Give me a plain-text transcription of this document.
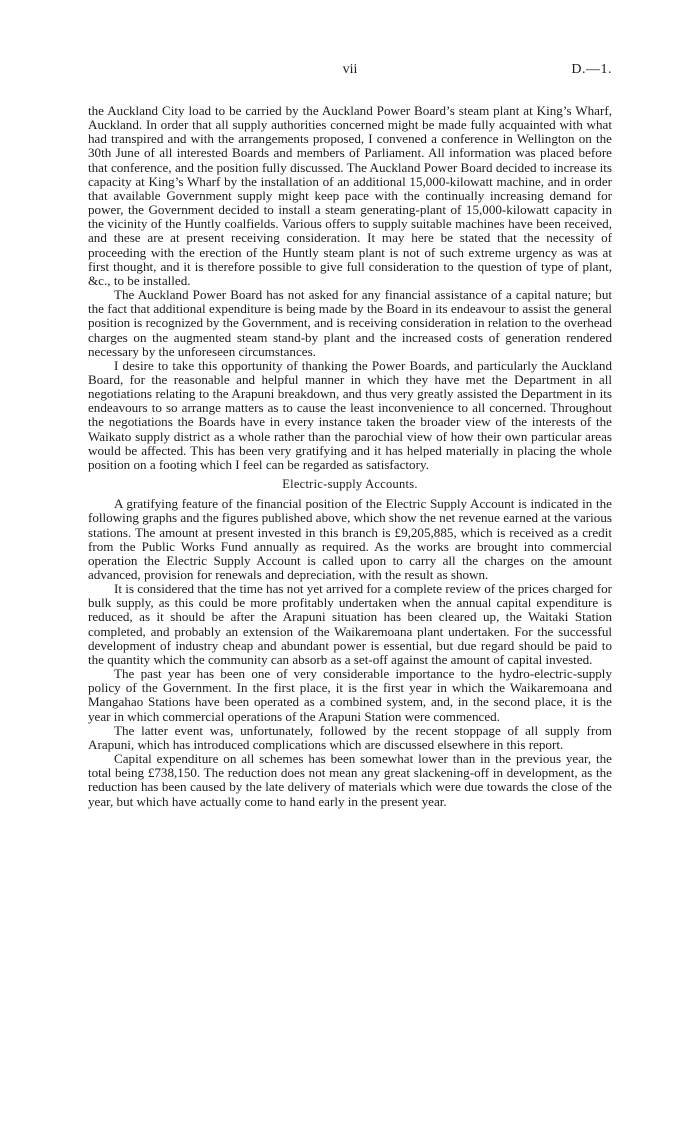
vii	D.—1.

the Auckland City load to be carried by the Auckland Power Board’s steam plant at King’s Wharf, Auckland. In order that all supply authorities concerned might be made fully acquainted with what had transpired and with the arrangements proposed, I convened a conference in Wellington on the 30th June of all interested Boards and members of Parliament. All information was placed before that conference, and the position fully discussed. The Auckland Power Board decided to increase its capacity at King’s Wharf by the installation of an additional 15,000-kilowatt machine, and in order that available Government supply might keep pace with the continually increasing demand for power, the Government decided to install a steam generating-plant of 15,000-kilowatt capacity in the vicinity of the Huntly coalfields. Various offers to supply suitable machines have been received, and these are at present receiving consideration. It may here be stated that the necessity of proceeding with the erection of the Huntly steam plant is not of such extreme urgency as was at first thought, and it is therefore possible to give full consideration to the question of type of plant, &c., to be installed.

The Auckland Power Board has not asked for any financial assistance of a capital nature; but the fact that additional expenditure is being made by the Board in its endeavour to assist the general position is recognized by the Government, and is receiving consideration in relation to the overhead charges on the augmented steam stand-by plant and the increased costs of generation rendered necessary by the unforeseen circumstances.

I desire to take this opportunity of thanking the Power Boards, and particularly the Auckland Board, for the reasonable and helpful manner in which they have met the Department in all negotiations relating to the Arapuni breakdown, and thus very greatly assisted the Department in its endeavours to so arrange matters as to cause the least inconvenience to all concerned. Throughout the negotiations the Boards have in every instance taken the broader view of the interests of the Waikato supply district as a whole rather than the parochial view of how their own particular areas would be affected. This has been very gratifying and it has helped materially in placing the whole position on a footing which I feel can be regarded as satisfactory.

Electric-supply Accounts.

A gratifying feature of the financial position of the Electric Supply Account is indicated in the following graphs and the figures published above, which show the net revenue earned at the various stations. The amount at present invested in this branch is £9,205,885, which is received as a credit from the Public Works Fund annually as required. As the works are brought into commercial operation the Electric Supply Account is called upon to carry all the charges on the amount advanced, provision for renewals and depreciation, with the result as shown.

It is considered that the time has not yet arrived for a complete review of the prices charged for bulk supply, as this could be more profitably undertaken when the annual capital expenditure is reduced, as it should be after the Arapuni situation has been cleared up, the Waitaki Station completed, and probably an extension of the Waikaremoana plant undertaken. For the successful development of industry cheap and abundant power is essential, but due regard should be paid to the quantity which the community can absorb as a set-off against the amount of capital invested.

The past year has been one of very considerable importance to the hydro-electric-supply policy of the Government. In the first place, it is the first year in which the Waikaremoana and Mangahao Stations have been operated as a combined system, and, in the second place, it is the year in which commercial operations of the Arapuni Station were commenced.

The latter event was, unfortunately, followed by the recent stoppage of all supply from Arapuni, which has introduced complications which are discussed elsewhere in this report.

Capital expenditure on all schemes has been somewhat lower than in the previous year, the total being £738,150. The reduction does not mean any great slackening-off in development, as the reduction has been caused by the late delivery of materials which were due towards the close of the year, but which have actually come to hand early in the present year.
